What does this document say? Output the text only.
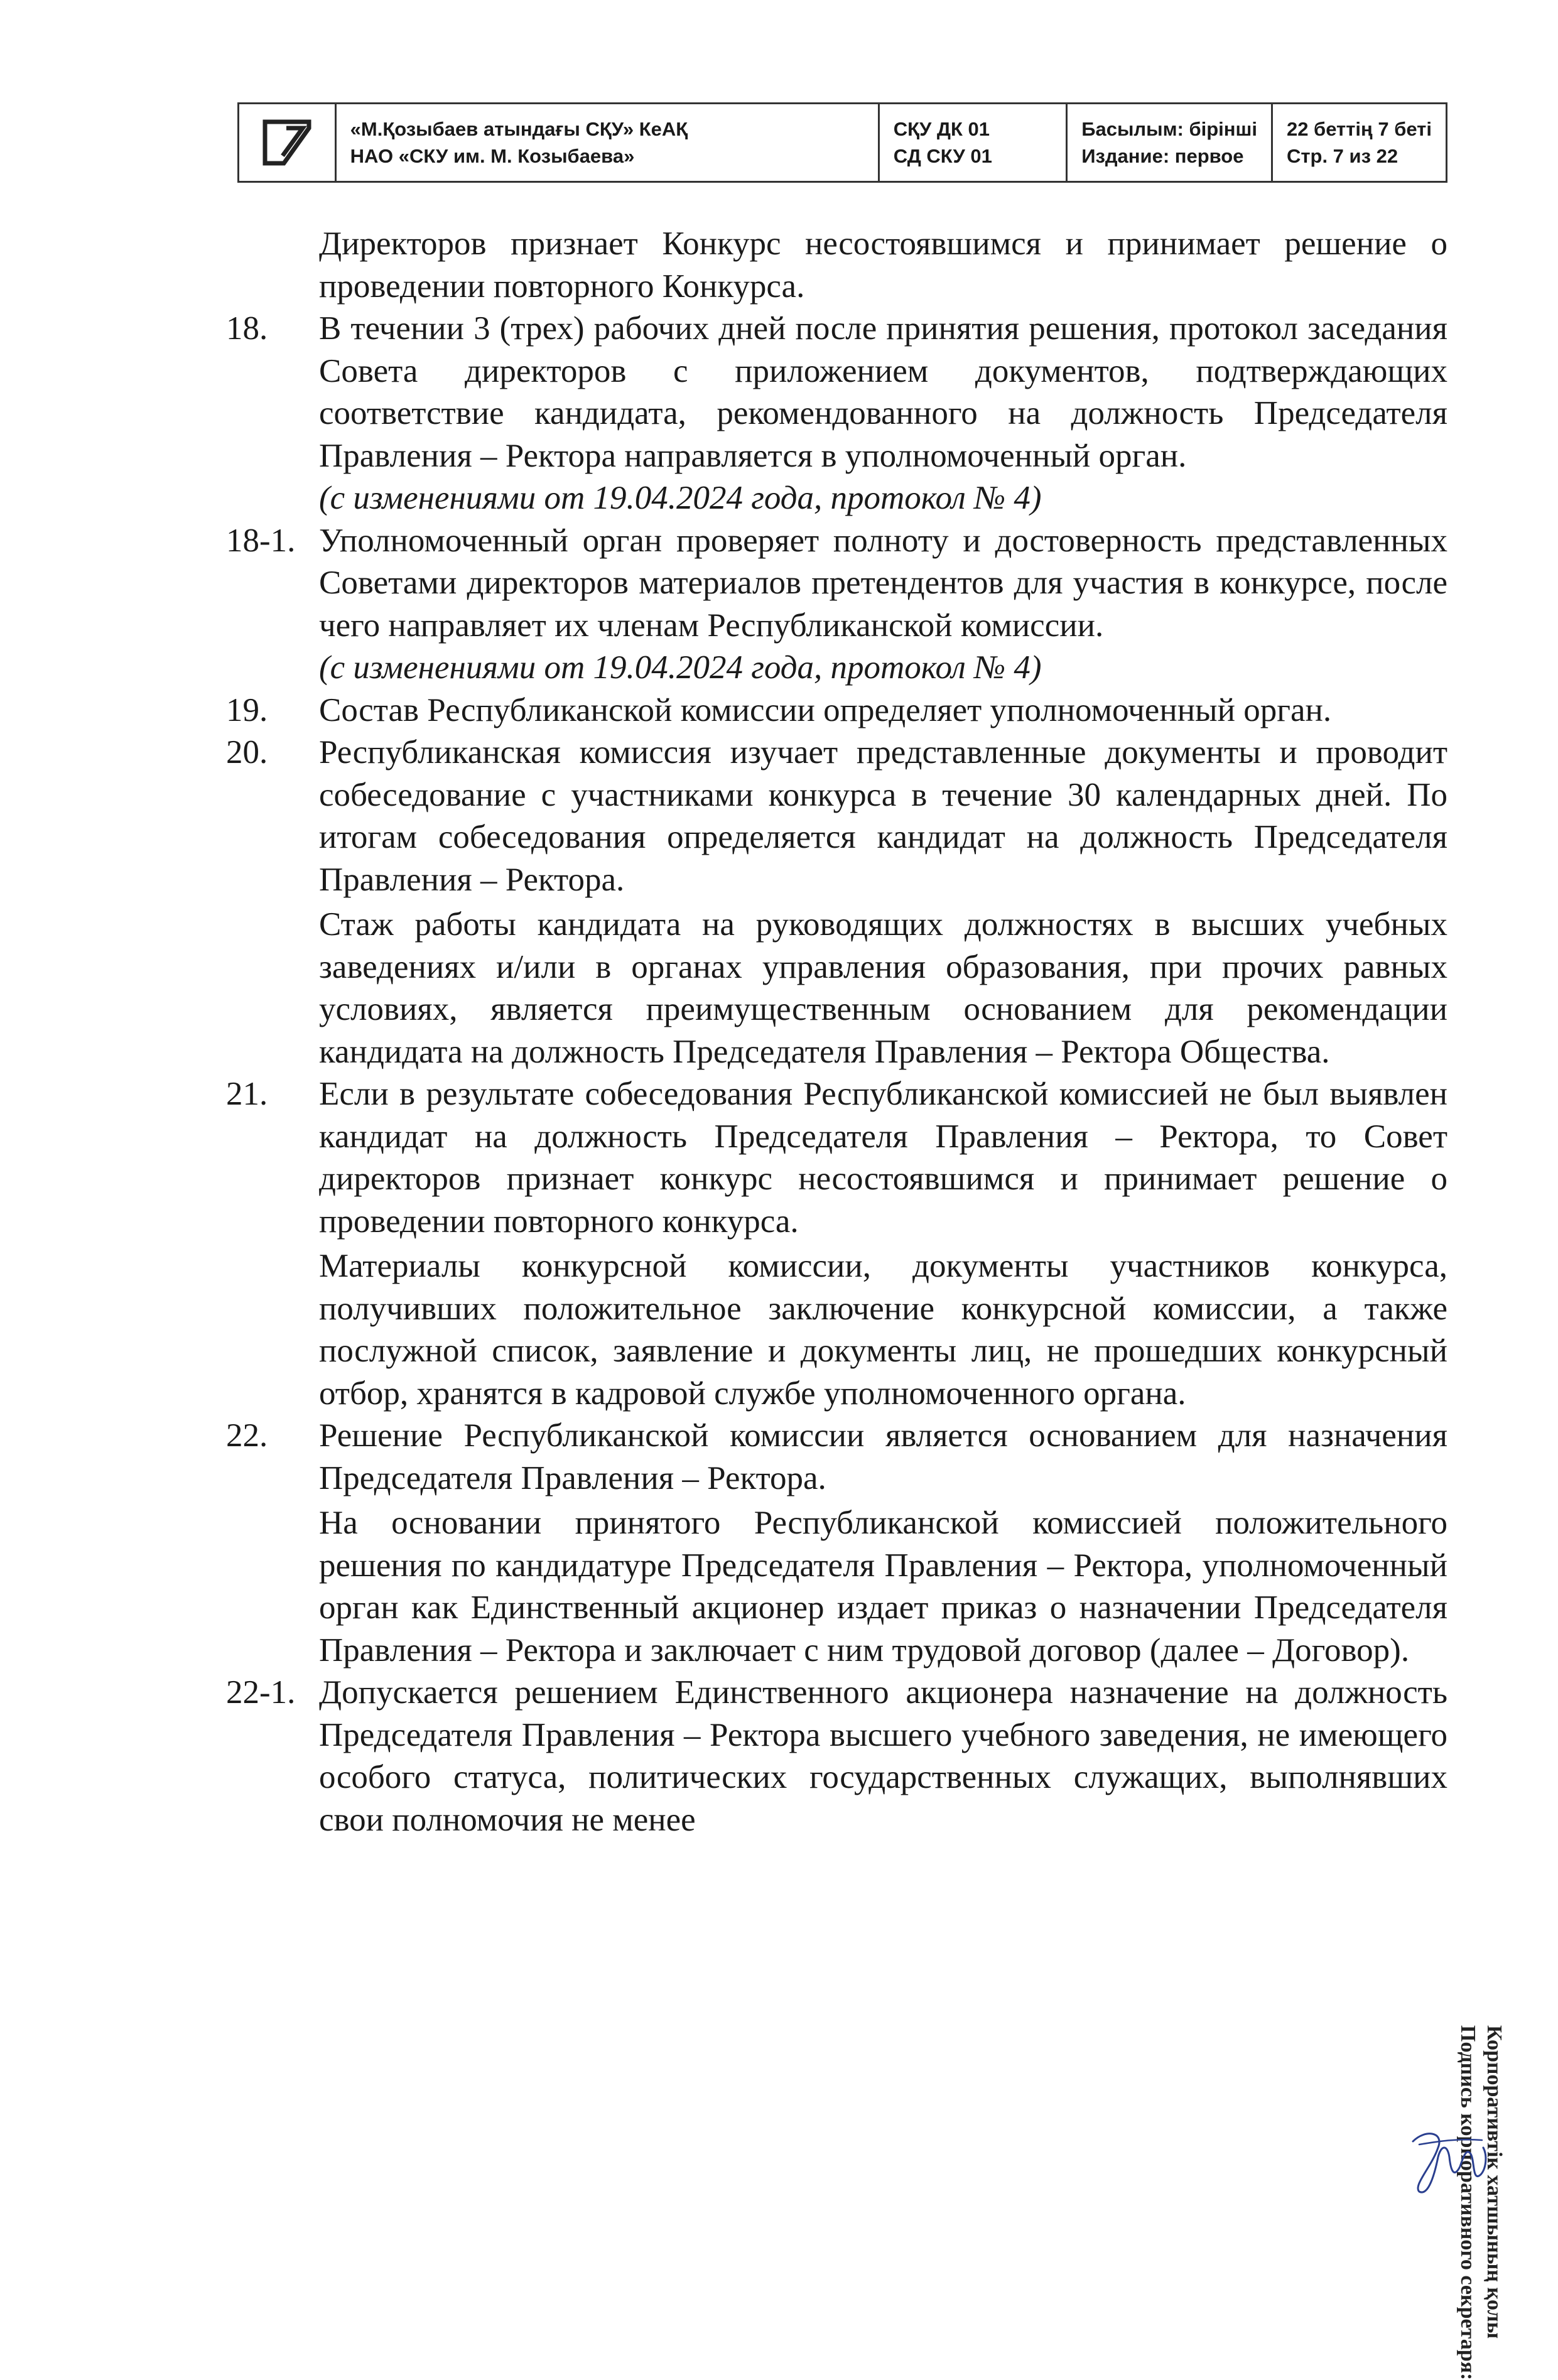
«М.Қозыбаев атындағы СҚУ» КеАҚ
НАО «СКУ им. М. Козыбаева»
СҚУ ДК 01
СД СКУ 01
Басылым: бірінші
Издание: первое
22 беттің 7 беті
Стр. 7 из 22
Директоров признает Конкурс несостоявшимся и принимает решение о проведении повторного Конкурса.
18.	В течении 3 (трех) рабочих дней после принятия решения, протокол заседания Совета директоров с приложением документов, подтверждающих соответствие кандидата, рекомендованного на должность Председателя Правления – Ректора направляется в уполномоченный орган.
(с изменениями от 19.04.2024 года, протокол № 4)
18-1. Уполномоченный орган проверяет полноту и достоверность представленных Советами директоров материалов претендентов для участия в конкурсе, после чего направляет их членам Республиканской комиссии.
(с изменениями от 19.04.2024 года, протокол № 4)
19.	Состав Республиканской комиссии определяет уполномоченный орган.
20.	Республиканская комиссия изучает представленные документы и проводит собеседование с участниками конкурса в течение 30 календарных дней. По итогам собеседования определяется кандидат на должность Председателя Правления – Ректора.
Стаж работы кандидата на руководящих должностях в высших учебных заведениях и/или в органах управления образования, при прочих равных условиях, является преимущественным основанием для рекомендации кандидата на должность Председателя Правления – Ректора Общества.
21.	Если в результате собеседования Республиканской комиссией не был выявлен кандидат на должность Председателя Правления – Ректора, то Совет директоров признает конкурс несостоявшимся и принимает решение о проведении повторного конкурса.
Материалы конкурсной комиссии, документы участников конкурса, получивших положительное заключение конкурсной комиссии, а также послужной список, заявление и документы лиц, не прошедших конкурсный отбор, хранятся в кадровой службе уполномоченного органа.
22.	Решение Республиканской комиссии является основанием для назначения Председателя Правления – Ректора.
На основании принятого Республиканской комиссией положительного решения по кандидатуре Председателя Правления – Ректора, уполномоченный орган как Единственный акционер издает приказ о назначении Председателя Правления – Ректора и заключает с ним трудовой договор (далее – Договор).
22-1. Допускается решением Единственного акционера назначение на должность Председателя Правления – Ректора высшего учебного заведения, не имеющего особого статуса, политических государственных служащих, выполнявших свои полномочия не менее
Корпоративтік хатшының қолы
Подпись корпоративного секретаря:
